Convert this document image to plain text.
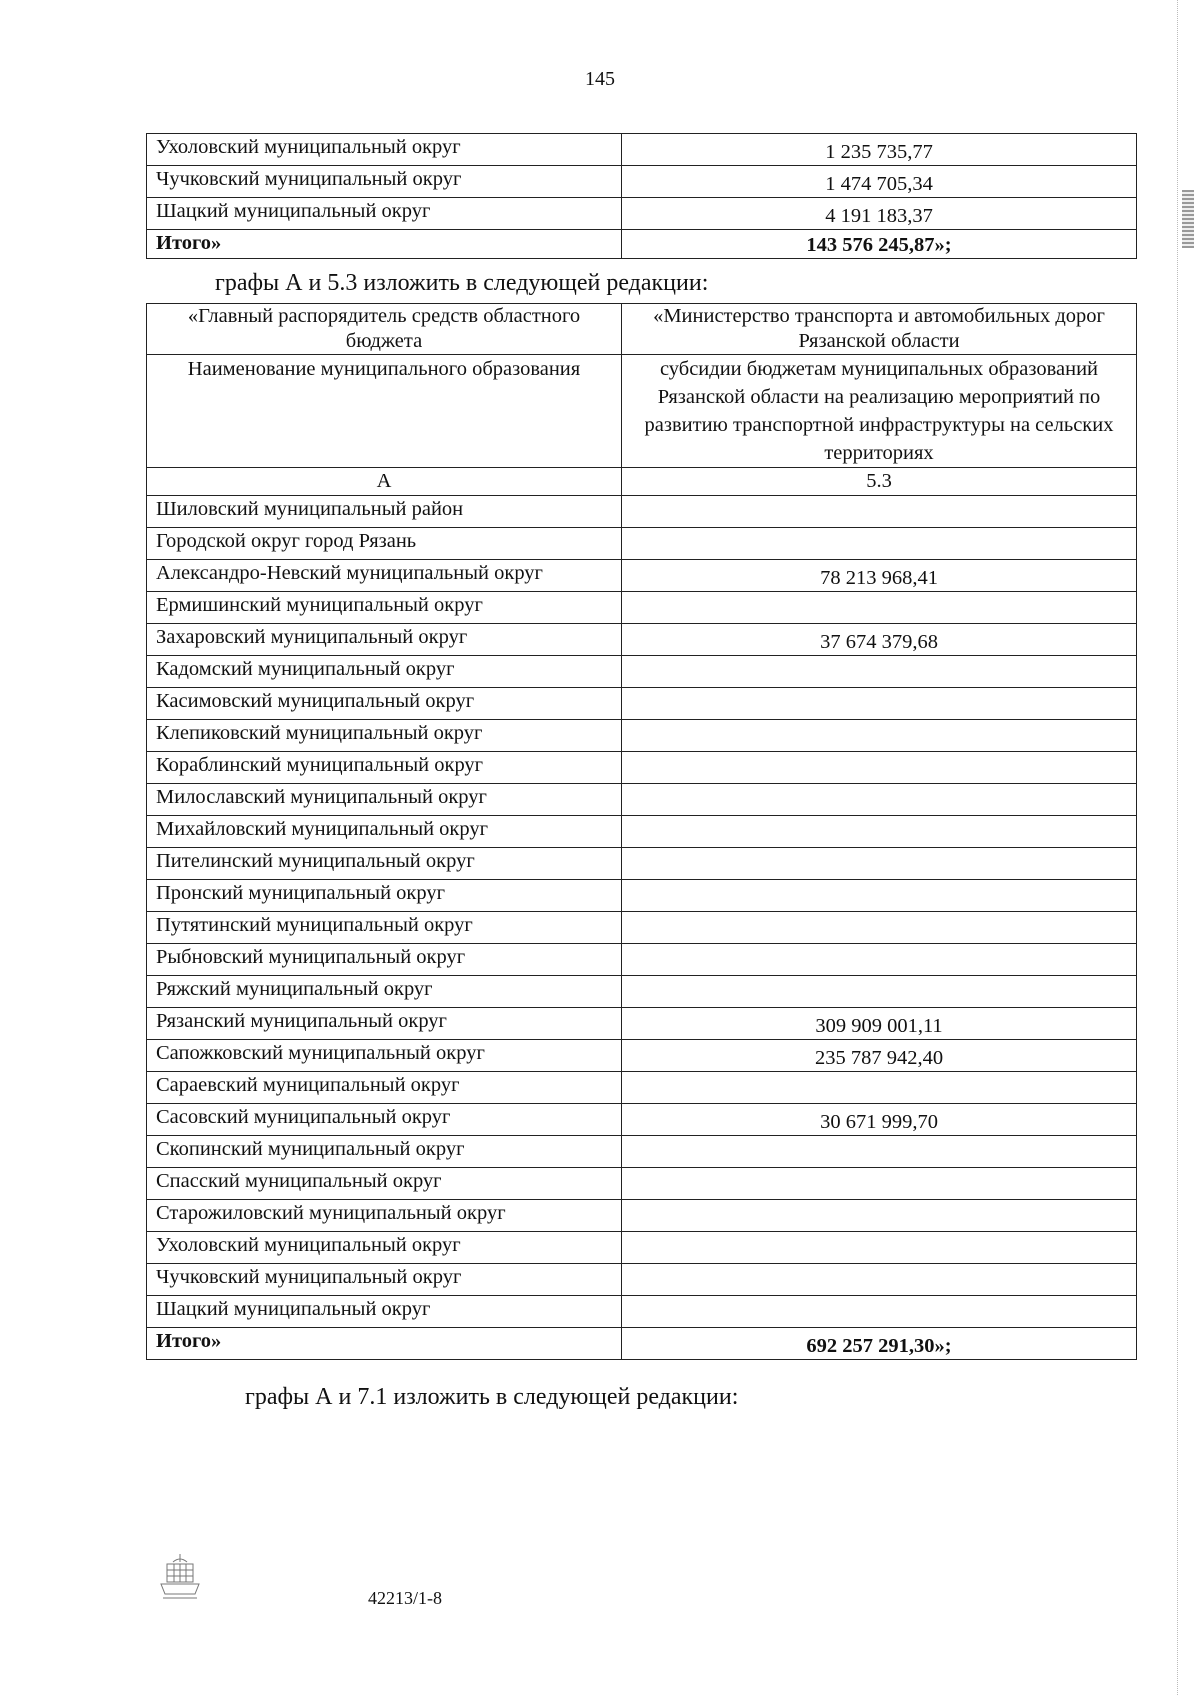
145
Ухоловский муниципальный округ	1 235 735,77
Чучковский муниципальный округ	1 474 705,34
Шацкий муниципальный округ	4 191 183,37
Итого»	143 576 245,87»;
графы А и 5.3 изложить в следующей редакции:
«Главный распорядитель средств областного бюджета	«Министерство транспорта и автомобильных дорог Рязанской области
Наименование муниципального образования	субсидии бюджетам муниципальных образований Рязанской области на реализацию мероприятий по развитию транспортной инфраструктуры на сельских территориях
А	5.3
Шиловский муниципальный район	
Городской округ город Рязань	
Александро-Невский муниципальный округ	78 213 968,41
Ермишинский муниципальный округ	
Захаровский муниципальный округ	37 674 379,68
Кадомский муниципальный округ	
Касимовский муниципальный округ	
Клепиковский муниципальный округ	
Кораблинский муниципальный округ	
Милославский муниципальный округ	
Михайловский муниципальный округ	
Пителинский муниципальный округ	
Пронский муниципальный округ	
Путятинский муниципальный округ	
Рыбновский муниципальный округ	
Ряжский муниципальный округ	
Рязанский муниципальный округ	309 909 001,11
Сапожковский муниципальный округ	235 787 942,40
Сараевский муниципальный округ	
Сасовский муниципальный округ	30 671 999,70
Скопинский муниципальный округ	
Спасский муниципальный округ	
Старожиловский муниципальный округ	
Ухоловский муниципальный округ	
Чучковский муниципальный округ	
Шацкий муниципальный округ	
Итого»	692 257 291,30»;
графы А и 7.1 изложить в следующей редакции:
42213/1-8
